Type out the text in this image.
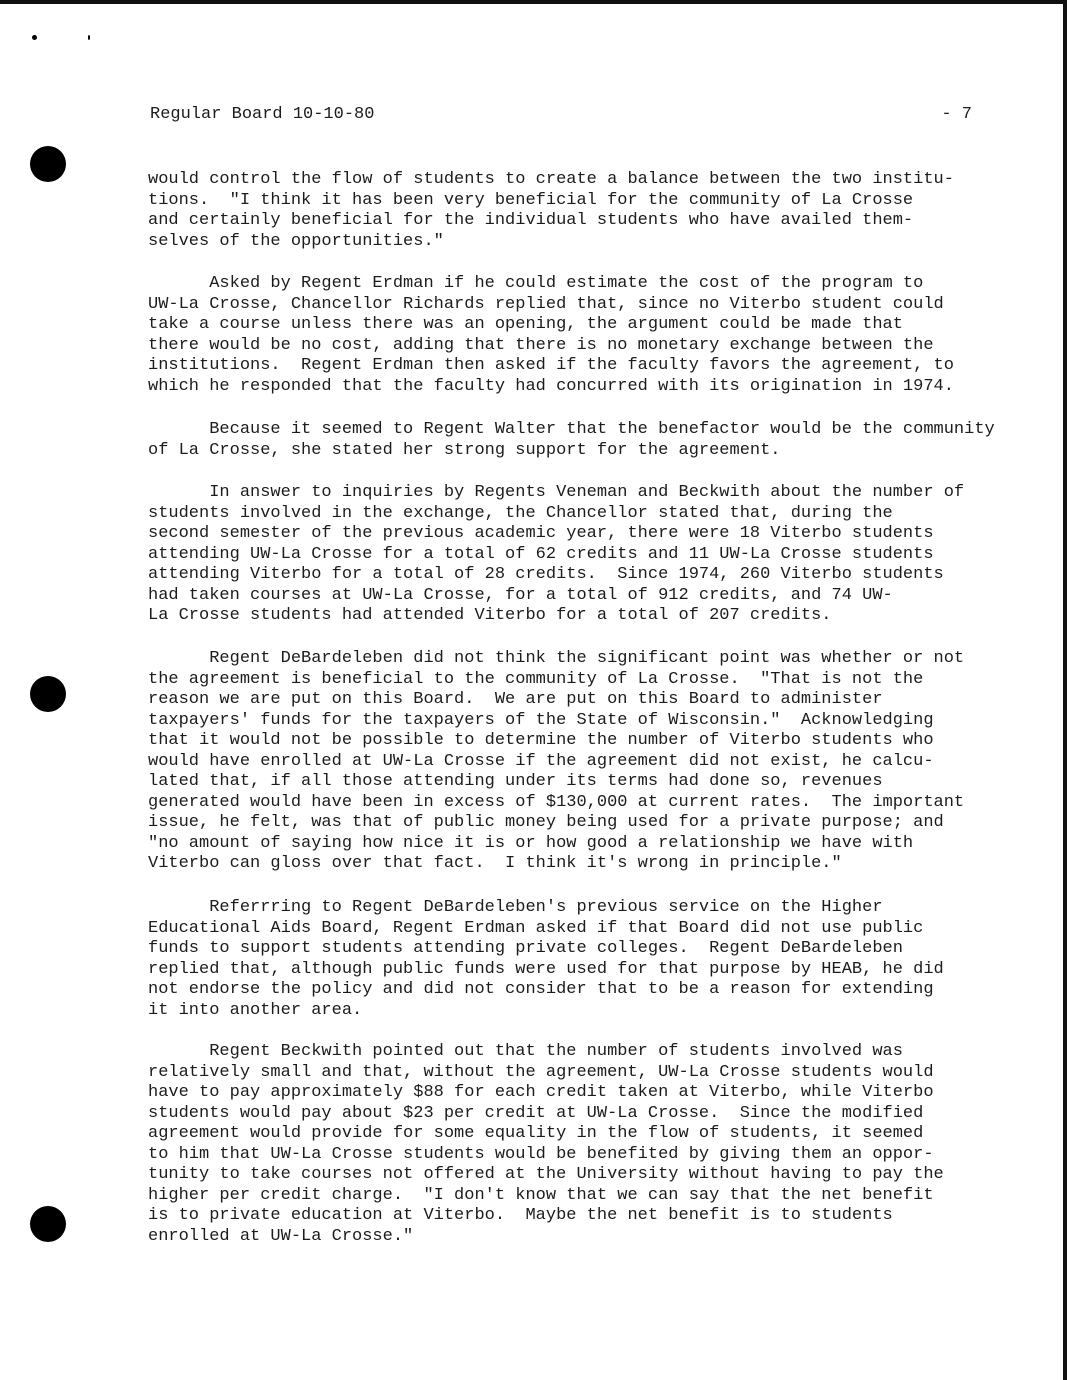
Regular Board 10-10-80	- 7
would control the flow of students to create a balance between the two institu-
tions.  "I think it has been very beneficial for the community of La Crosse
and certainly beneficial for the individual students who have availed them-
selves of the opportunities."
Asked by Regent Erdman if he could estimate the cost of the program to
UW-La Crosse, Chancellor Richards replied that, since no Viterbo student could
take a course unless there was an opening, the argument could be made that
there would be no cost, adding that there is no monetary exchange between the
institutions.  Regent Erdman then asked if the faculty favors the agreement, to
which he responded that the faculty had concurred with its origination in 1974.
Because it seemed to Regent Walter that the benefactor would be the community
of La Crosse, she stated her strong support for the agreement.
In answer to inquiries by Regents Veneman and Beckwith about the number of
students involved in the exchange, the Chancellor stated that, during the
second semester of the previous academic year, there were 18 Viterbo students
attending UW-La Crosse for a total of 62 credits and 11 UW-La Crosse students
attending Viterbo for a total of 28 credits.  Since 1974, 260 Viterbo students
had taken courses at UW-La Crosse, for a total of 912 credits, and 74 UW-
La Crosse students had attended Viterbo for a total of 207 credits.
Regent DeBardeleben did not think the significant point was whether or not
the agreement is beneficial to the community of La Crosse.  "That is not the
reason we are put on this Board.  We are put on this Board to administer
taxpayers' funds for the taxpayers of the State of Wisconsin."  Acknowledging
that it would not be possible to determine the number of Viterbo students who
would have enrolled at UW-La Crosse if the agreement did not exist, he calcu-
lated that, if all those attending under its terms had done so, revenues
generated would have been in excess of $130,000 at current rates.  The important
issue, he felt, was that of public money being used for a private purpose; and
"no amount of saying how nice it is or how good a relationship we have with
Viterbo can gloss over that fact.  I think it's wrong in principle."
Referrring to Regent DeBardeleben's previous service on the Higher
Educational Aids Board, Regent Erdman asked if that Board did not use public
funds to support students attending private colleges.  Regent DeBardeleben
replied that, although public funds were used for that purpose by HEAB, he did
not endorse the policy and did not consider that to be a reason for extending
it into another area.
Regent Beckwith pointed out that the number of students involved was
relatively small and that, without the agreement, UW-La Crosse students would
have to pay approximately $88 for each credit taken at Viterbo, while Viterbo
students would pay about $23 per credit at UW-La Crosse.  Since the modified
agreement would provide for some equality in the flow of students, it seemed
to him that UW-La Crosse students would be benefited by giving them an oppor-
tunity to take courses not offered at the University without having to pay the
higher per credit charge.  "I don't know that we can say that the net benefit
is to private education at Viterbo.  Maybe the net benefit is to students
enrolled at UW-La Crosse."
